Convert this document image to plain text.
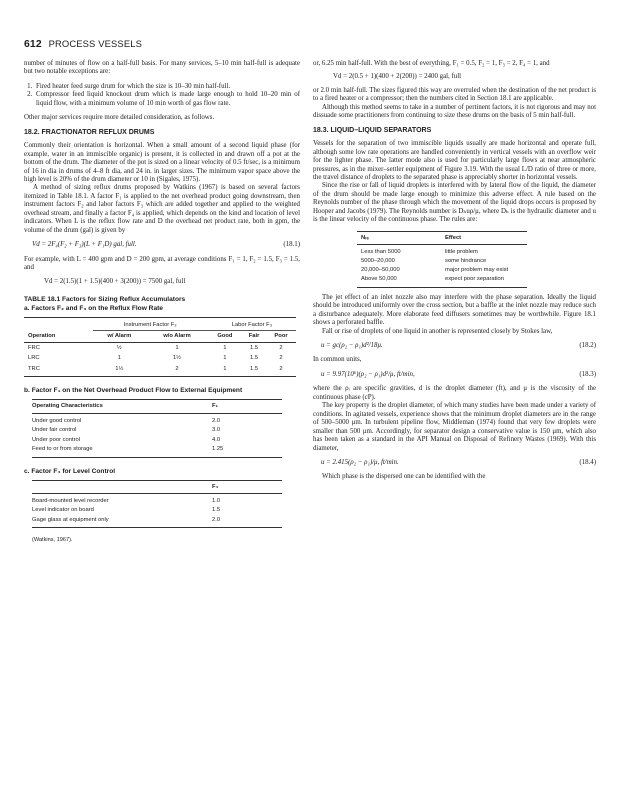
612 PROCESS VESSELS

number of minutes of flow on a half-full basis. For many services, 5–10 min half-full is adequate but two notable exceptions are:

1. Fired heater feed surge drum for which the size is 10–30 min half-full.
2. Compressor feed liquid knockout drum which is made large enough to hold 10–20 min of liquid flow, with a minimum volume of 10 min worth of gas flow rate.

Other major services require more detailed consideration, as follows.

18.2. FRACTIONATOR REFLUX DRUMS

Commonly their orientation is horizontal. When a small amount of a second liquid phase (for example, water in an immiscible organic) is present, it is collected in and drawn off a pot at the bottom of the drum. The diameter of the pot is sized on a linear velocity of 0.5 ft/sec, is a minimum of 16 in dia in drums of 4–8 ft dia, and 24 in. in larger sizes. The minimum vapor space above the high level is 20% of the drum diameter or 10 in (Sigales, 1975).

A method of sizing reflux drums proposed by Watkins (1967) is based on several factors itemized in Table 18.1. A factor F₁ is applied to the net overhead product going downstream, then instrument factors F₂ and labor factors F₃ which are added together and applied to the weighted overhead stream, and finally a factor F₄ is applied, which depends on the kind and location of level indicators. When L is the reflux flow rate and D the overhead net product rate, both in gpm, the volume of the drum (gal) is given by

Vd = 2F₄(F₂ + F₃)(L + F₁D) gal, full.	(18.1)

For example, with L = 400 gpm and D = 200 gpm, at average conditions F₁ = 1, F₂ = 1.5, F₃ = 1.5, and

Vd = 2(1.5)(1 + 1.5)(400 + 3(200)) = 7500 gal, full
TABLE 18.1 Factors for Sizing Reflux Accumulators
a. Factors F₂ and F₃ on the Reflux Flow Rate
	Instrument Factor F₂		Labor Factor F₃		
Operation	w/ Alarm	w/o Alarm	Good	Fair	Poor
FRC	½	1	1	1.5	2
LRC	1	1½	1	1.5	2
TRC	1½	2	1	1.5	2
b. Factor F₁ on the Net Overhead Product Flow to External Equipment
Operating Characteristics	F₁
Under good control	2.0
Under fair control	3.0
Under poor control	4.0
Feed to or from storage	1.25
c. Factor F₄ for Level Control
	F₄
Board-mounted level recorder	1.0
Level indicator on board	1.5
Gage glass at equipment only	2.0
(Watkins, 1967).

or, 6.25 min half-full. With the best of everything, F₁ = 0.5, F₂ = 1, F₃ = 2, F₄ = 1, and

Vd = 2(0.5 + 1)(400 + 2(200)) = 2400 gal, full

or 2.0 min half-full. The sizes figured this way are overruled when the destination of the net product is to a fired heater or a compressor; then the numbers cited in Section 18.1 are applicable.

Although this method seems to take in a number of pertinent factors, it is not rigorous and may not dissuade some practitioners from continuing to size these drums on the basis of 5 min half-full.

18.3. LIQUID–LIQUID SEPARATORS

Vessels for the separation of two immiscible liquids usually are made horizontal and operate full, although some low rate operations are handled conveniently in vertical vessels with an overflow weir for the lighter phase. The latter mode also is used for particularly large flows at near atmospheric pressures, as in the mixer–settler equipment of Figure 3.19. With the usual L/D ratio of three or more, the travel distance of droplets to the separated phase is appreciably shorter in horizontal vessels.

Since the rise or fall of liquid droplets is interfered with by lateral flow of the liquid, the diameter of the drum should be made large enough to minimize this adverse effect. A rule based on the Reynolds number of the phase through which the movement of the liquid drops occurs is proposed by Hooper and Jacobs (1979). The Reynolds number is Dₕuρ/μ, where Dₕ is the hydraulic diameter and u is the linear velocity of the continuous phase. The rules are:

Nᵣₑ	Effect
Less than 5000	little problem
5000–20,000	some hindrance
20,000–50,000	major problem may exist
Above 50,000	expect poor separation

The jet effect of an inlet nozzle also may interfere with the phase separation. Ideally the liquid should be introduced uniformly over the cross section, but a baffle at the inlet nozzle may reduce such a disturbance adequately. More elaborate feed diffusers sometimes may be worthwhile. Figure 18.1 shows a perforated baffle.

Fall or rise of droplets of one liquid in another is represented closely by Stokes law,

u = gc(ρ₂ − ρ₁)d²/18μ.	(18.2)

In common units,

u = 9.97(10⁶)(ρ₂ − ρ₁)d²/μ, ft/min,	(18.3)

where the ρᵢ are specific gravities, d is the droplet diameter (ft), and μ is the viscosity of the continuous phase (cP).

The key property is the droplet diameter, of which many studies have been made under a variety of conditions. In agitated vessels, experience shows that the minimum droplet diameters are in the range of 500–5000 μm. In turbulent pipeline flow, Middleman (1974) found that very few droplets were smaller than 500 μm. Accordingly, for separator design a conservative value is 150 μm, which also has been taken as a standard in the API Manual on Disposal of Refinery Wastes (1969). With this diameter,

u = 2.415(ρ₂ − ρ₁)/μ, ft/min.	(18.4)

Which phase is the dispersed one can be identified with the
